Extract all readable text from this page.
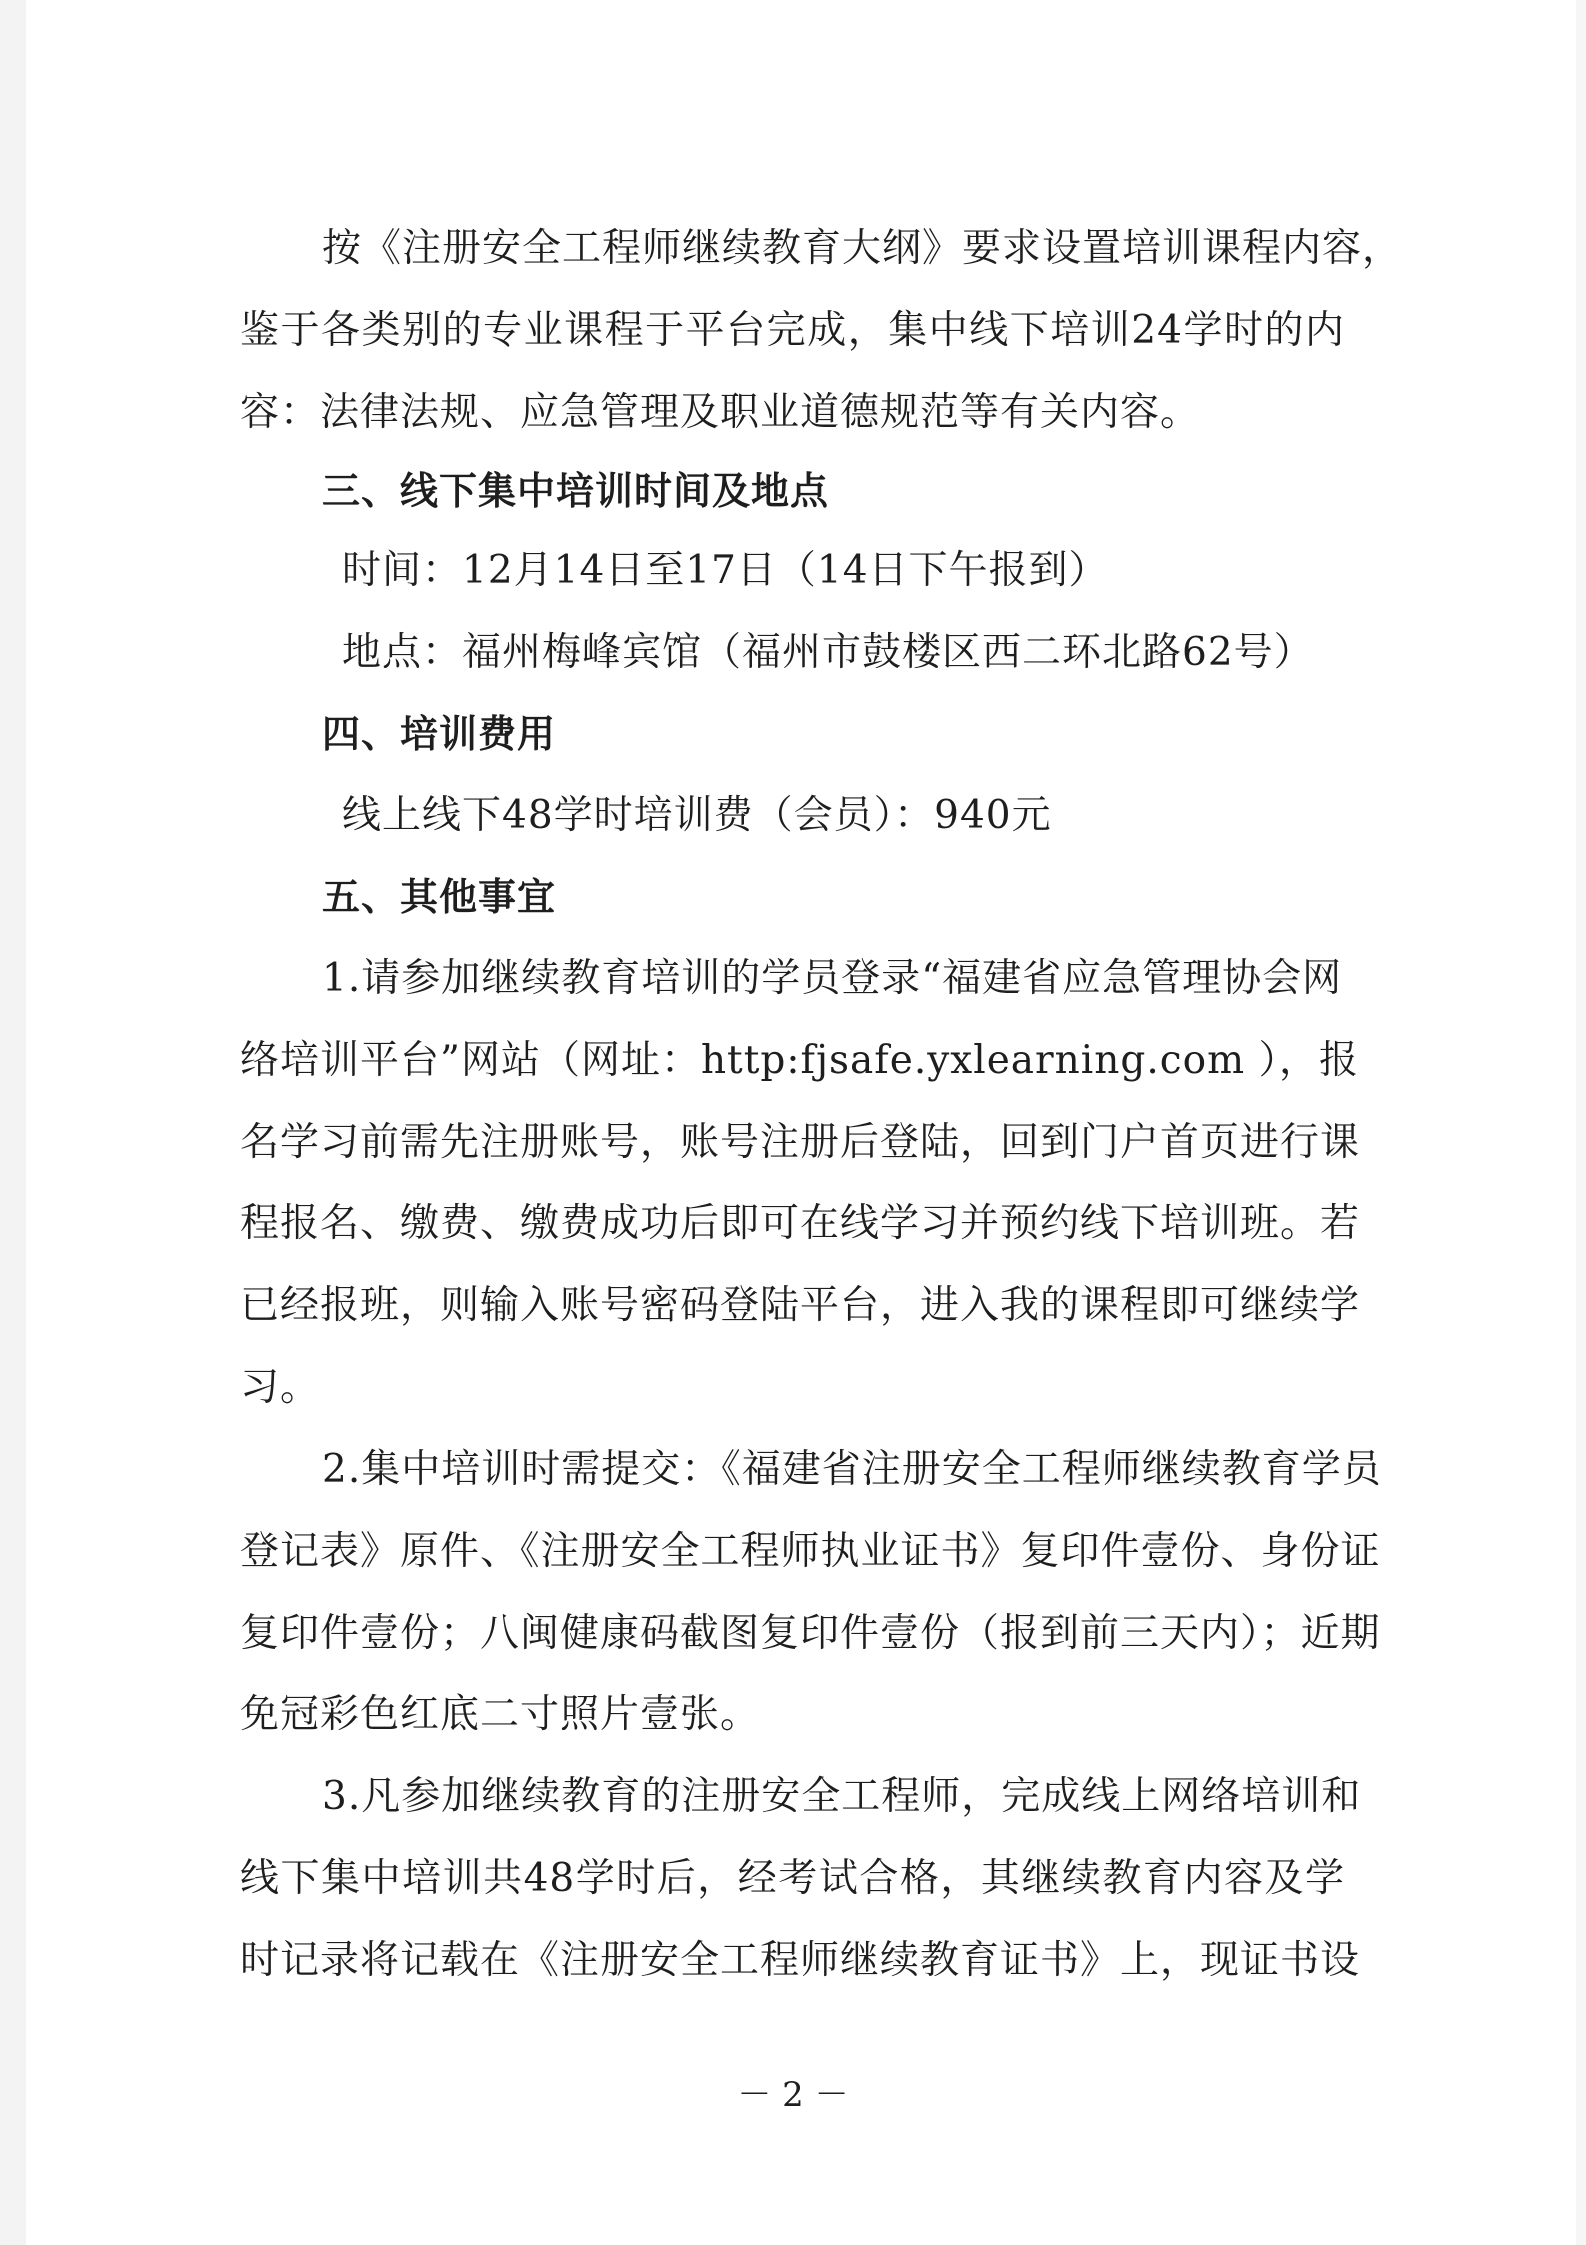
按《注册安全工程师继续教育大纲》要求设置培训课程内容，
鉴于各类别的专业课程于平台完成，集中线下培训24学时的内
容：法律法规、应急管理及职业道德规范等有关内容。
三、线下集中培训时间及地点
时间：12月14日至17日（14日下午报到）
地点：福州梅峰宾馆（福州市鼓楼区西二环北路62号）
四、培训费用
线上线下48学时培训费（会员）：940元
五、其他事宜
1.请参加继续教育培训的学员登录“福建省应急管理协会网
络培训平台”网站（网址：http:fjsafe.yxlearning.com ），报
名学习前需先注册账号，账号注册后登陆，回到门户首页进行课
程报名、缴费、缴费成功后即可在线学习并预约线下培训班。若
已经报班，则输入账号密码登陆平台，进入我的课程即可继续学
习。
2.集中培训时需提交：《福建省注册安全工程师继续教育学员
登记表》原件、《注册安全工程师执业证书》复印件壹份、身份证
复印件壹份；八闽健康码截图复印件壹份（报到前三天内）；近期
免冠彩色红底二寸照片壹张。
3.凡参加继续教育的注册安全工程师，完成线上网络培训和
线下集中培训共48学时后，经考试合格，其继续教育内容及学
时记录将记载在《注册安全工程师继续教育证书》上，现证书设
－ 2 －
